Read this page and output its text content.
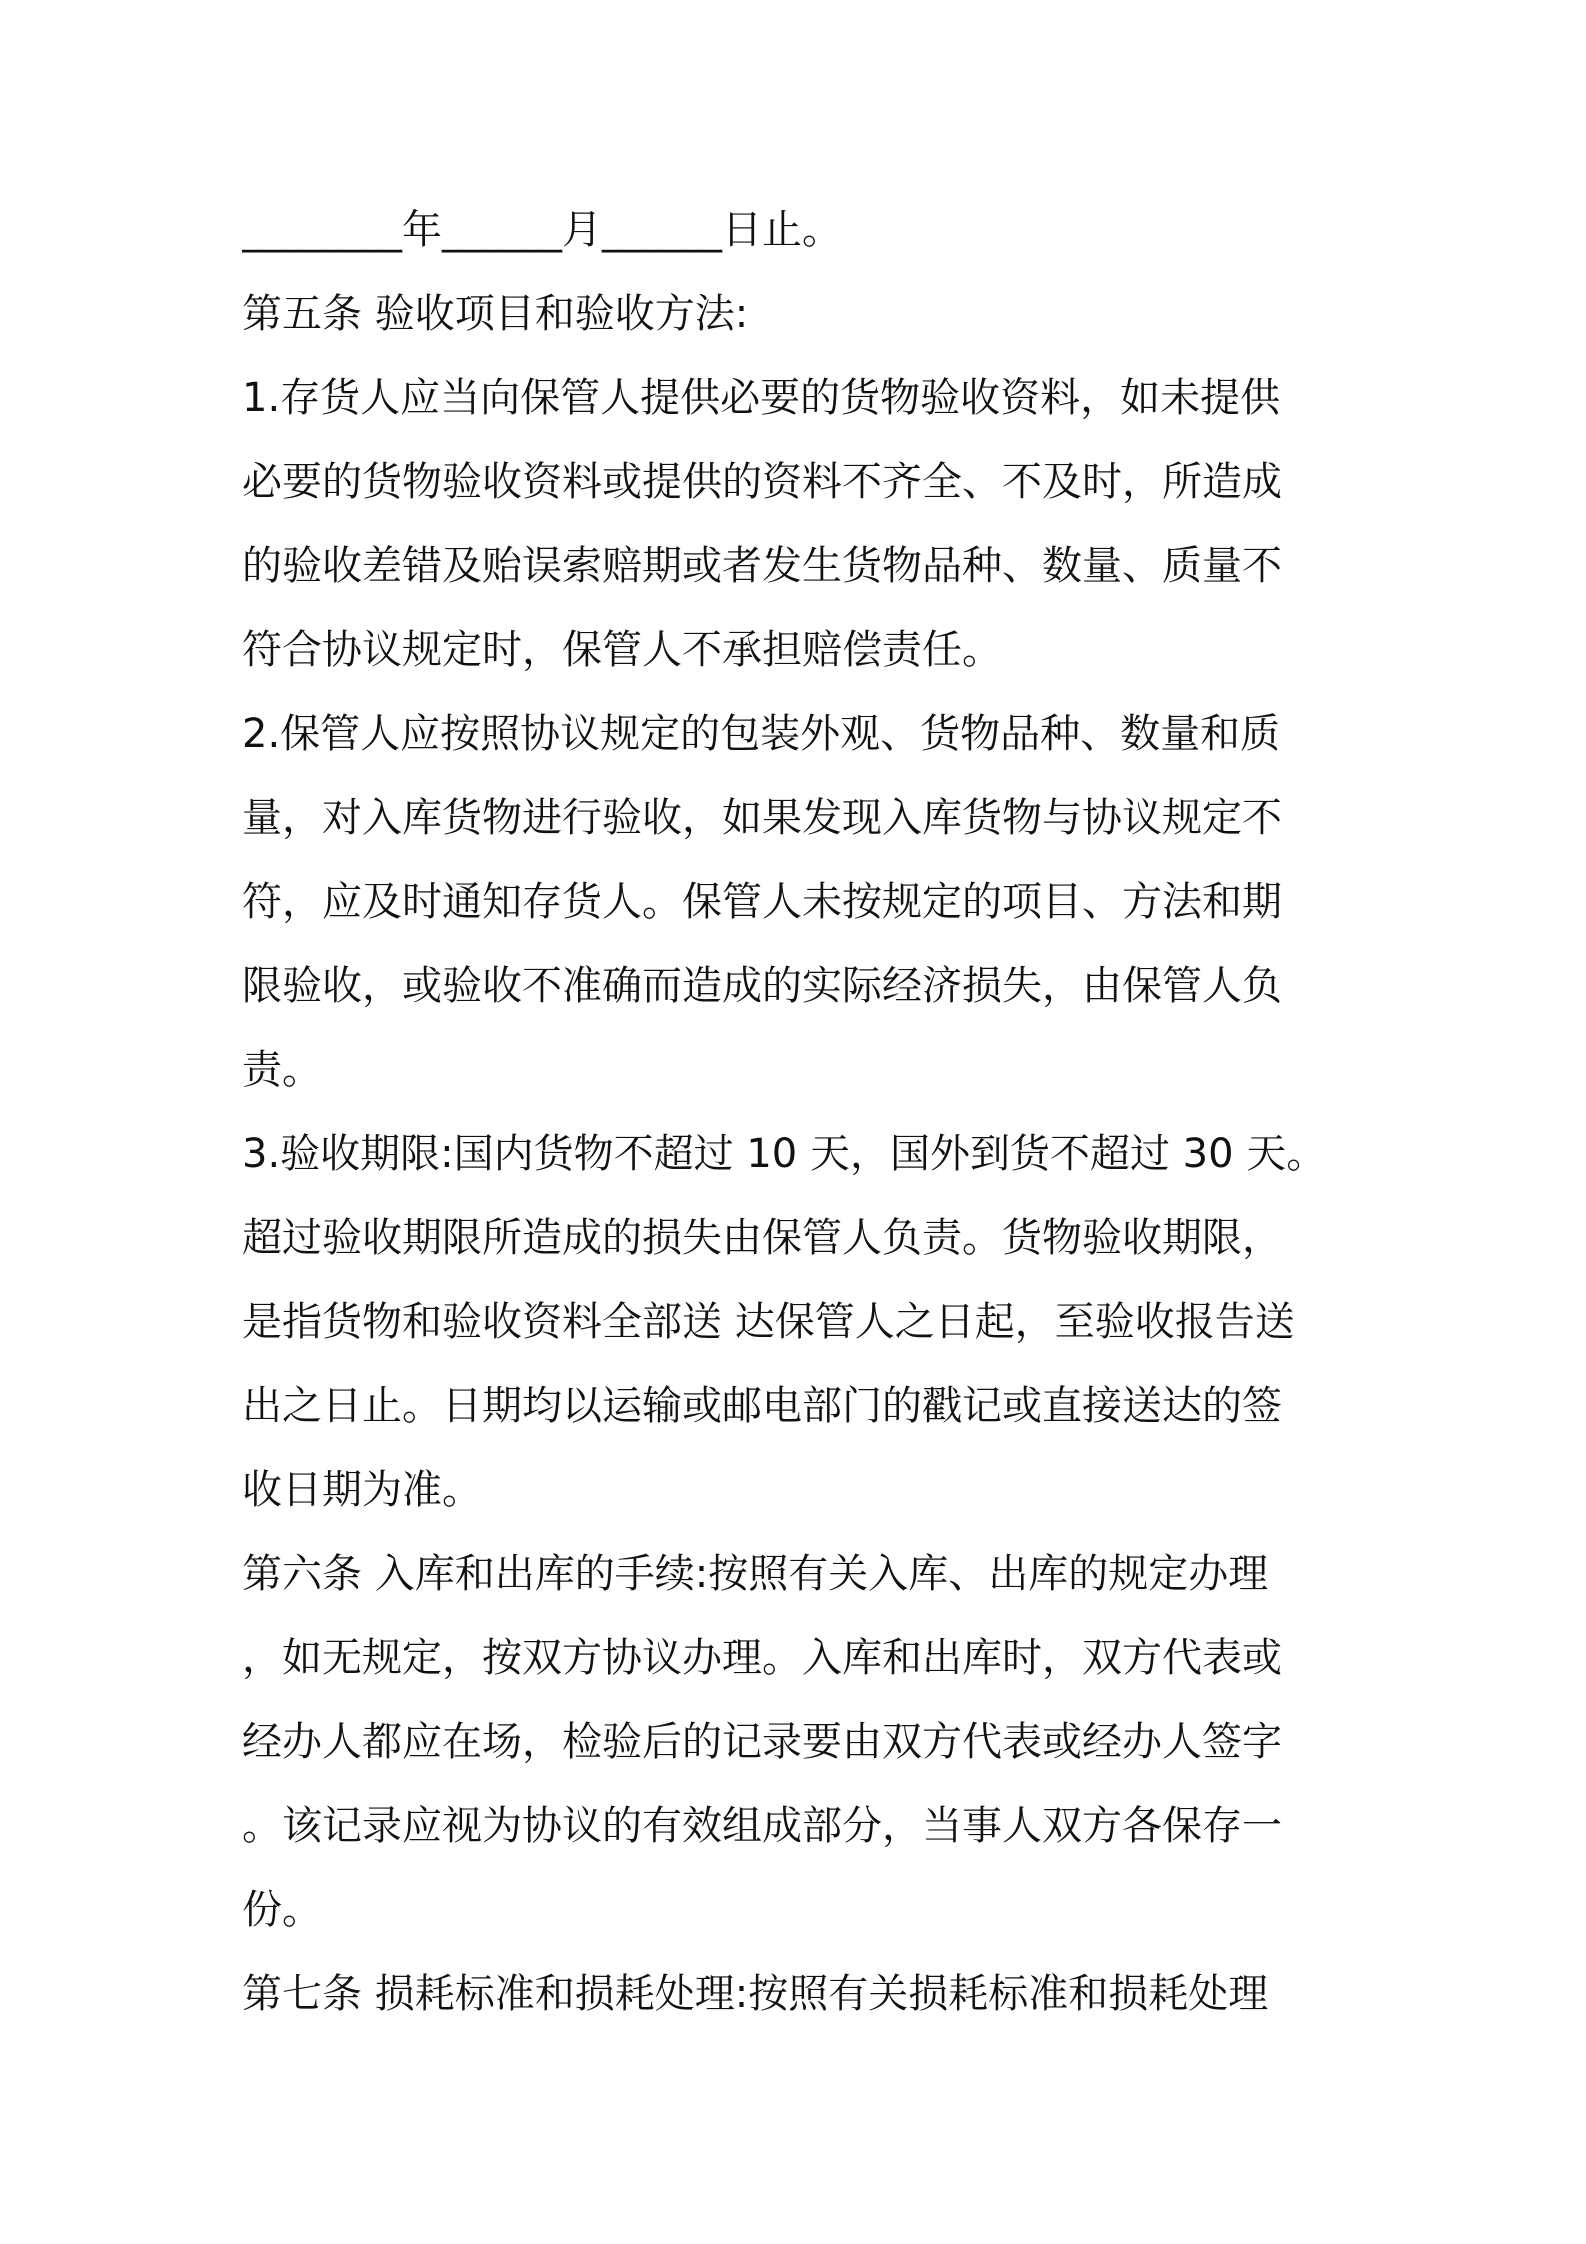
________年______月______日止。
第五条 验收项目和验收方法:
1.存货人应当向保管人提供必要的货物验收资料，如未提供
必要的货物验收资料或提供的资料不齐全、不及时，所造成
的验收差错及贻误索赔期或者发生货物品种、数量、质量不
符合协议规定时，保管人不承担赔偿责任。
2.保管人应按照协议规定的包装外观、货物品种、数量和质
量，对入库货物进行验收，如果发现入库货物与协议规定不
符，应及时通知存货人。保管人未按规定的项目、方法和期
限验收，或验收不准确而造成的实际经济损失，由保管人负
责。
3.验收期限:国内货物不超过 10 天，国外到货不超过 30 天。
超过验收期限所造成的损失由保管人负责。货物验收期限，
是指货物和验收资料全部送 达保管人之日起，至验收报告送
出之日止。日期均以运输或邮电部门的戳记或直接送达的签
收日期为准。
第六条 入库和出库的手续:按照有关入库、出库的规定办理
，如无规定，按双方协议办理。入库和出库时，双方代表或
经办人都应在场，检验后的记录要由双方代表或经办人签字
。该记录应视为协议的有效组成部分，当事人双方各保存一
份。
第七条 损耗标准和损耗处理:按照有关损耗标准和损耗处理
